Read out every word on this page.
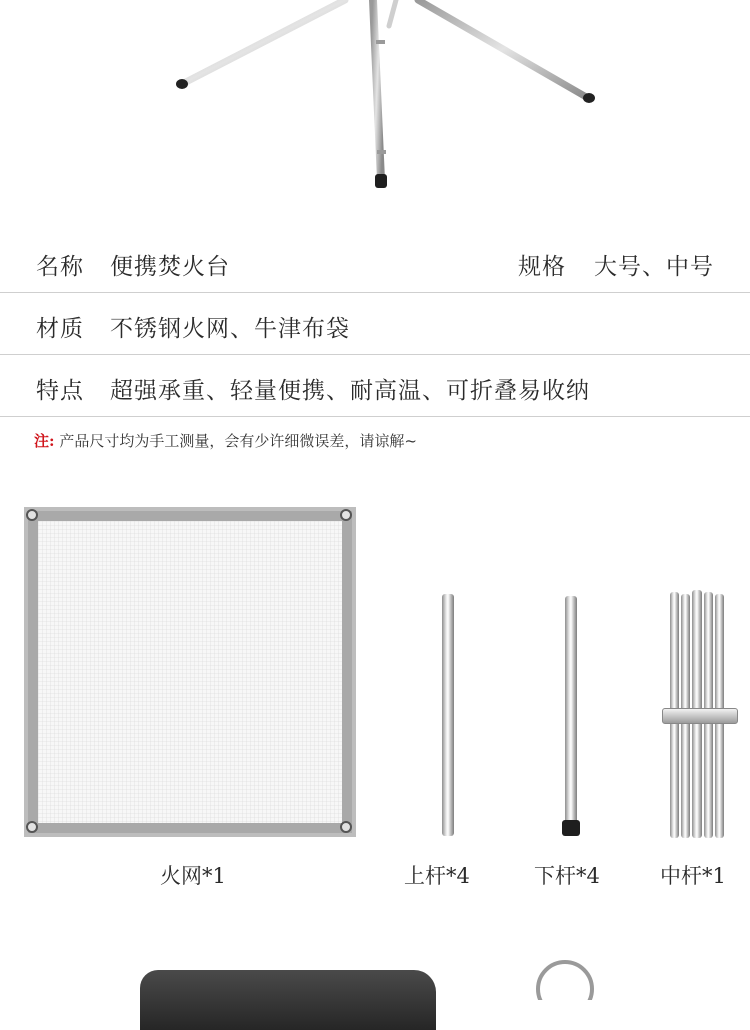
名称 便携焚火台	规格 大号、中号
材质 不锈钢火网、牛津布袋
特点 超强承重、轻量便携、耐高温、可折叠易收纳
注: 产品尺寸均为手工测量，会有少许细微误差，请谅解~
火网*1	上杆*4	下杆*4	中杆*1
